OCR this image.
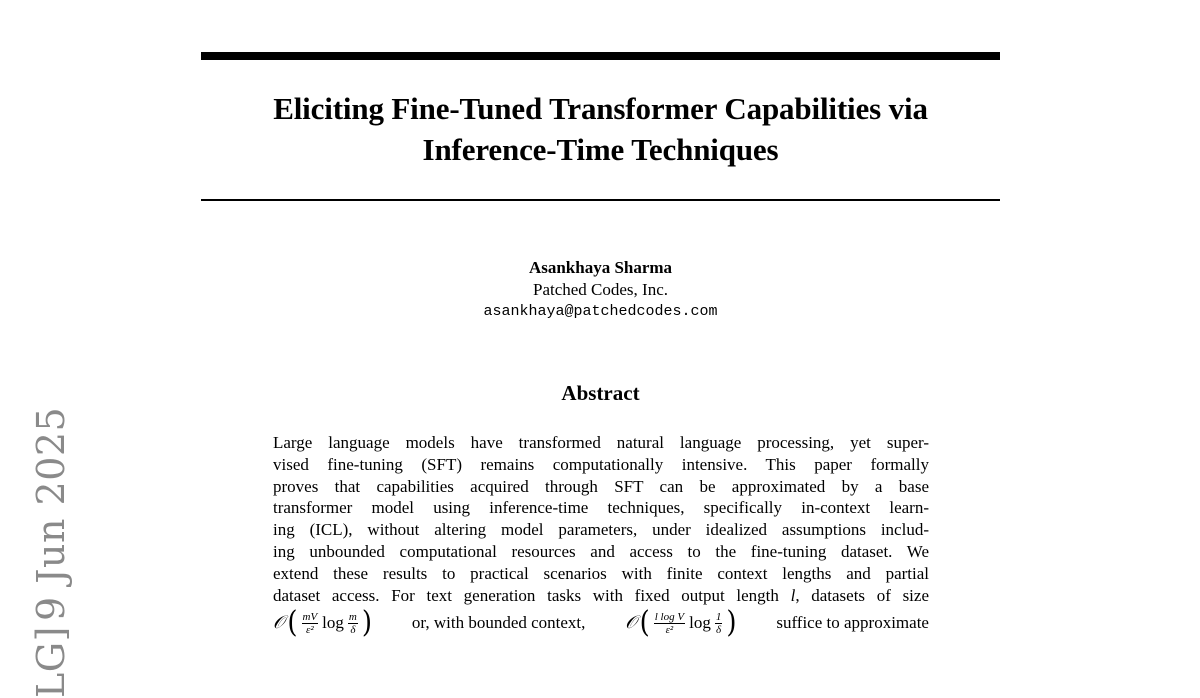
Eliciting Fine-Tuned Transformer Capabilities via
Inference-Time Techniques
Asankhaya Sharma
Patched Codes, Inc.
asankhaya@patchedcodes.com
Abstract
Large language models have transformed natural language processing, yet super-
vised fine-tuning (SFT) remains computationally intensive. This paper formally
proves that capabilities acquired through SFT can be approximated by a base
transformer model using inference-time techniques, specifically in-context learn-
ing (ICL), without altering model parameters, under idealized assumptions includ-
ing unbounded computational resources and access to the fine-tuning dataset. We
extend these results to practical scenarios with finite context lengths and partial
dataset access. For text generation tasks with fixed output length l, datasets of size
𝒪 ( $\frac{mV}{\text{ε²}}$ $\log \frac{m}{\delta}$ ) or, with bounded context, 𝒪 ( $\frac{\text{l log V}}{\text{ε²}}$ $\log \frac{1}{\delta}$ ) suffice to approximate
LG]
9 Jun 2025
